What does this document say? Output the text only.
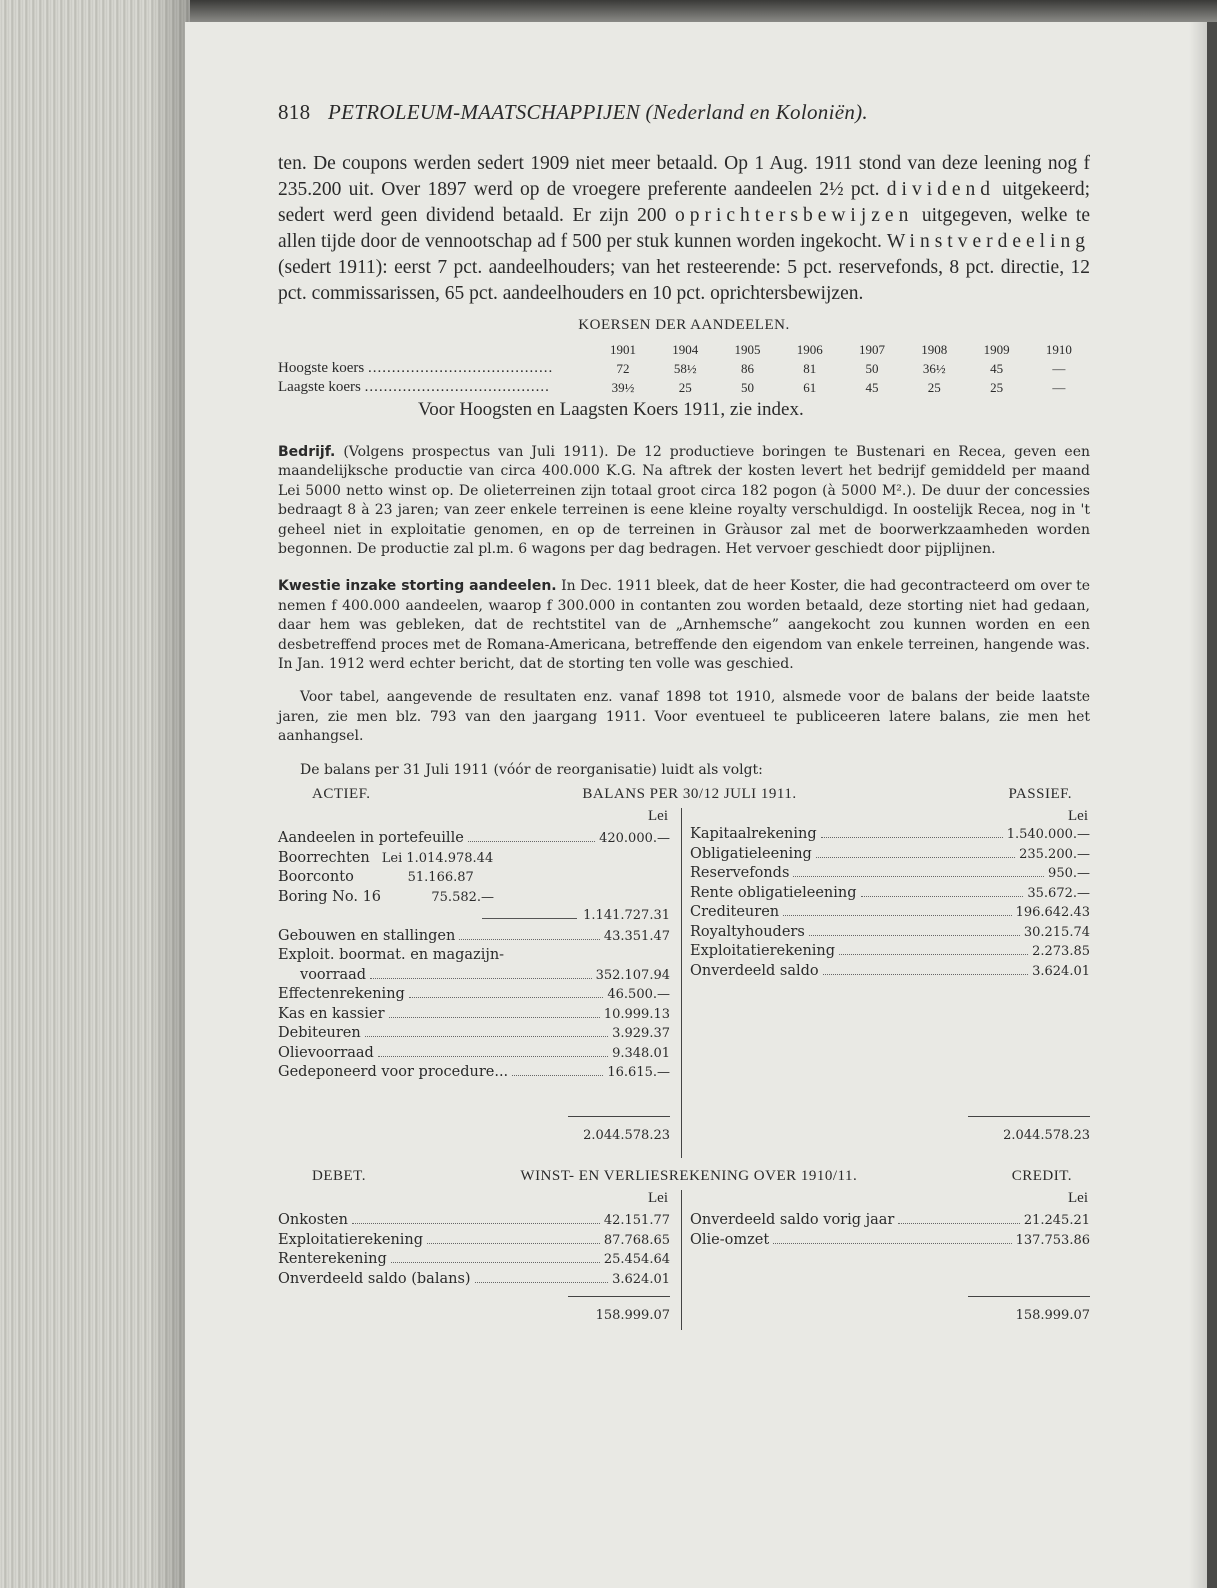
818 PETROLEUM-MAATSCHAPPIJEN (Nederland en Koloniën).
ten. De coupons werden sedert 1909 niet meer betaald. Op 1 Aug. 1911 stond van deze leening nog f 235.200 uit. Over 1897 werd op de vroegere preferente aandeelen 2½ pct. dividend uitgekeerd; sedert werd geen dividend betaald. Er zijn 200 oprichtersbewijzen uitgegeven, welke te allen tijde door de vennootschap ad f 500 per stuk kunnen worden ingekocht. Winstverdeeling (sedert 1911): eerst 7 pct. aandeelhouders; van het resteerende: 5 pct. reservefonds, 8 pct. directie, 12 pct. commissarissen, 65 pct. aandeelhouders en 10 pct. oprichtersbewijzen.
KOERSEN DER AANDEELEN.
	1901	1904	1905	1906	1907	1908	1909	1910
Hoogste koers .......................................	72	58½	86	81	50	36½	45	—
Laagste koers .......................................	39½	25	50	61	45	25	25	—
Voor Hoogsten en Laagsten Koers 1911, zie index.
Bedrijf. (Volgens prospectus van Juli 1911). De 12 productieve boringen te Bustenari en Recea, geven een maandelijksche productie van circa 400.000 K.G. Na aftrek der kosten levert het bedrijf gemiddeld per maand Lei 5000 netto winst op. De olieterreinen zijn totaal groot circa 182 pogon (à 5000 M².). De duur der concessies bedraagt 8 à 23 jaren; van zeer enkele terreinen is eene kleine royalty verschuldigd. In oostelijk Recea, nog in 't geheel niet in exploitatie genomen, en op de terreinen in Gràusor zal met de boorwerkzaamheden worden begonnen. De productie zal pl.m. 6 wagons per dag bedragen. Het vervoer geschiedt door pijplijnen.
Kwestie inzake storting aandeelen. In Dec. 1911 bleek, dat de heer Koster, die had gecontracteerd om over te nemen f 400.000 aandeelen, waarop f 300.000 in contanten zou worden betaald, deze storting niet had gedaan, daar hem was gebleken, dat de rechtstitel van de „Arnhemsche” aangekocht zou kunnen worden en een desbetreffend proces met de Romana-Americana, betreffende den eigendom van enkele terreinen, hangende was. In Jan. 1912 werd echter bericht, dat de storting ten volle was geschied.
Voor tabel, aangevende de resultaten enz. vanaf 1898 tot 1910, alsmede voor de balans der beide laatste jaren, zie men blz. 793 van den jaargang 1911. Voor eventueel te publiceeren latere balans, zie men het aanhangsel.
De balans per 31 Juli 1911 (vóór de reorganisatie) luidt als volgt:
ACTIEF.	BALANS PER 30/12 JULI 1911.	PASSIEF.
Lei	Lei
Aandeelen in portefeuille	420.000.—
Boorrechten Lei 1.014.978.44
Boorconto	51.166.87
Boring No. 16	75.582.—
1.141.727.31
Gebouwen en stallingen	43.351.47
Exploit. boormat. en magazijn-
voorraad	352.107.94
Effectenrekening	46.500.—
Kas en kassier	10.999.13
Debiteuren	3.929.37
Olievoorraad	9.348.01
Gedeponeerd voor procedure...	16.615.—
Kapitaalrekening	1.540.000.—
Obligatieleening	235.200.—
Reservefonds	950.—
Rente obligatieleening	35.672.—
Crediteuren	196.642.43
Royaltyhouders	30.215.74
Exploitatierekening	2.273.85
Onverdeeld saldo	3.624.01
2.044.578.23	2.044.578.23
DEBET.	WINST- EN VERLIESREKENING OVER 1910/11.	CREDIT.
Lei	Lei
Onkosten	42.151.77
Exploitatierekening	87.768.65
Renterekening	25.454.64
Onverdeeld saldo (balans)	3.624.01
Onverdeeld saldo vorig jaar	21.245.21
Olie-omzet	137.753.86
158.999.07	158.999.07
